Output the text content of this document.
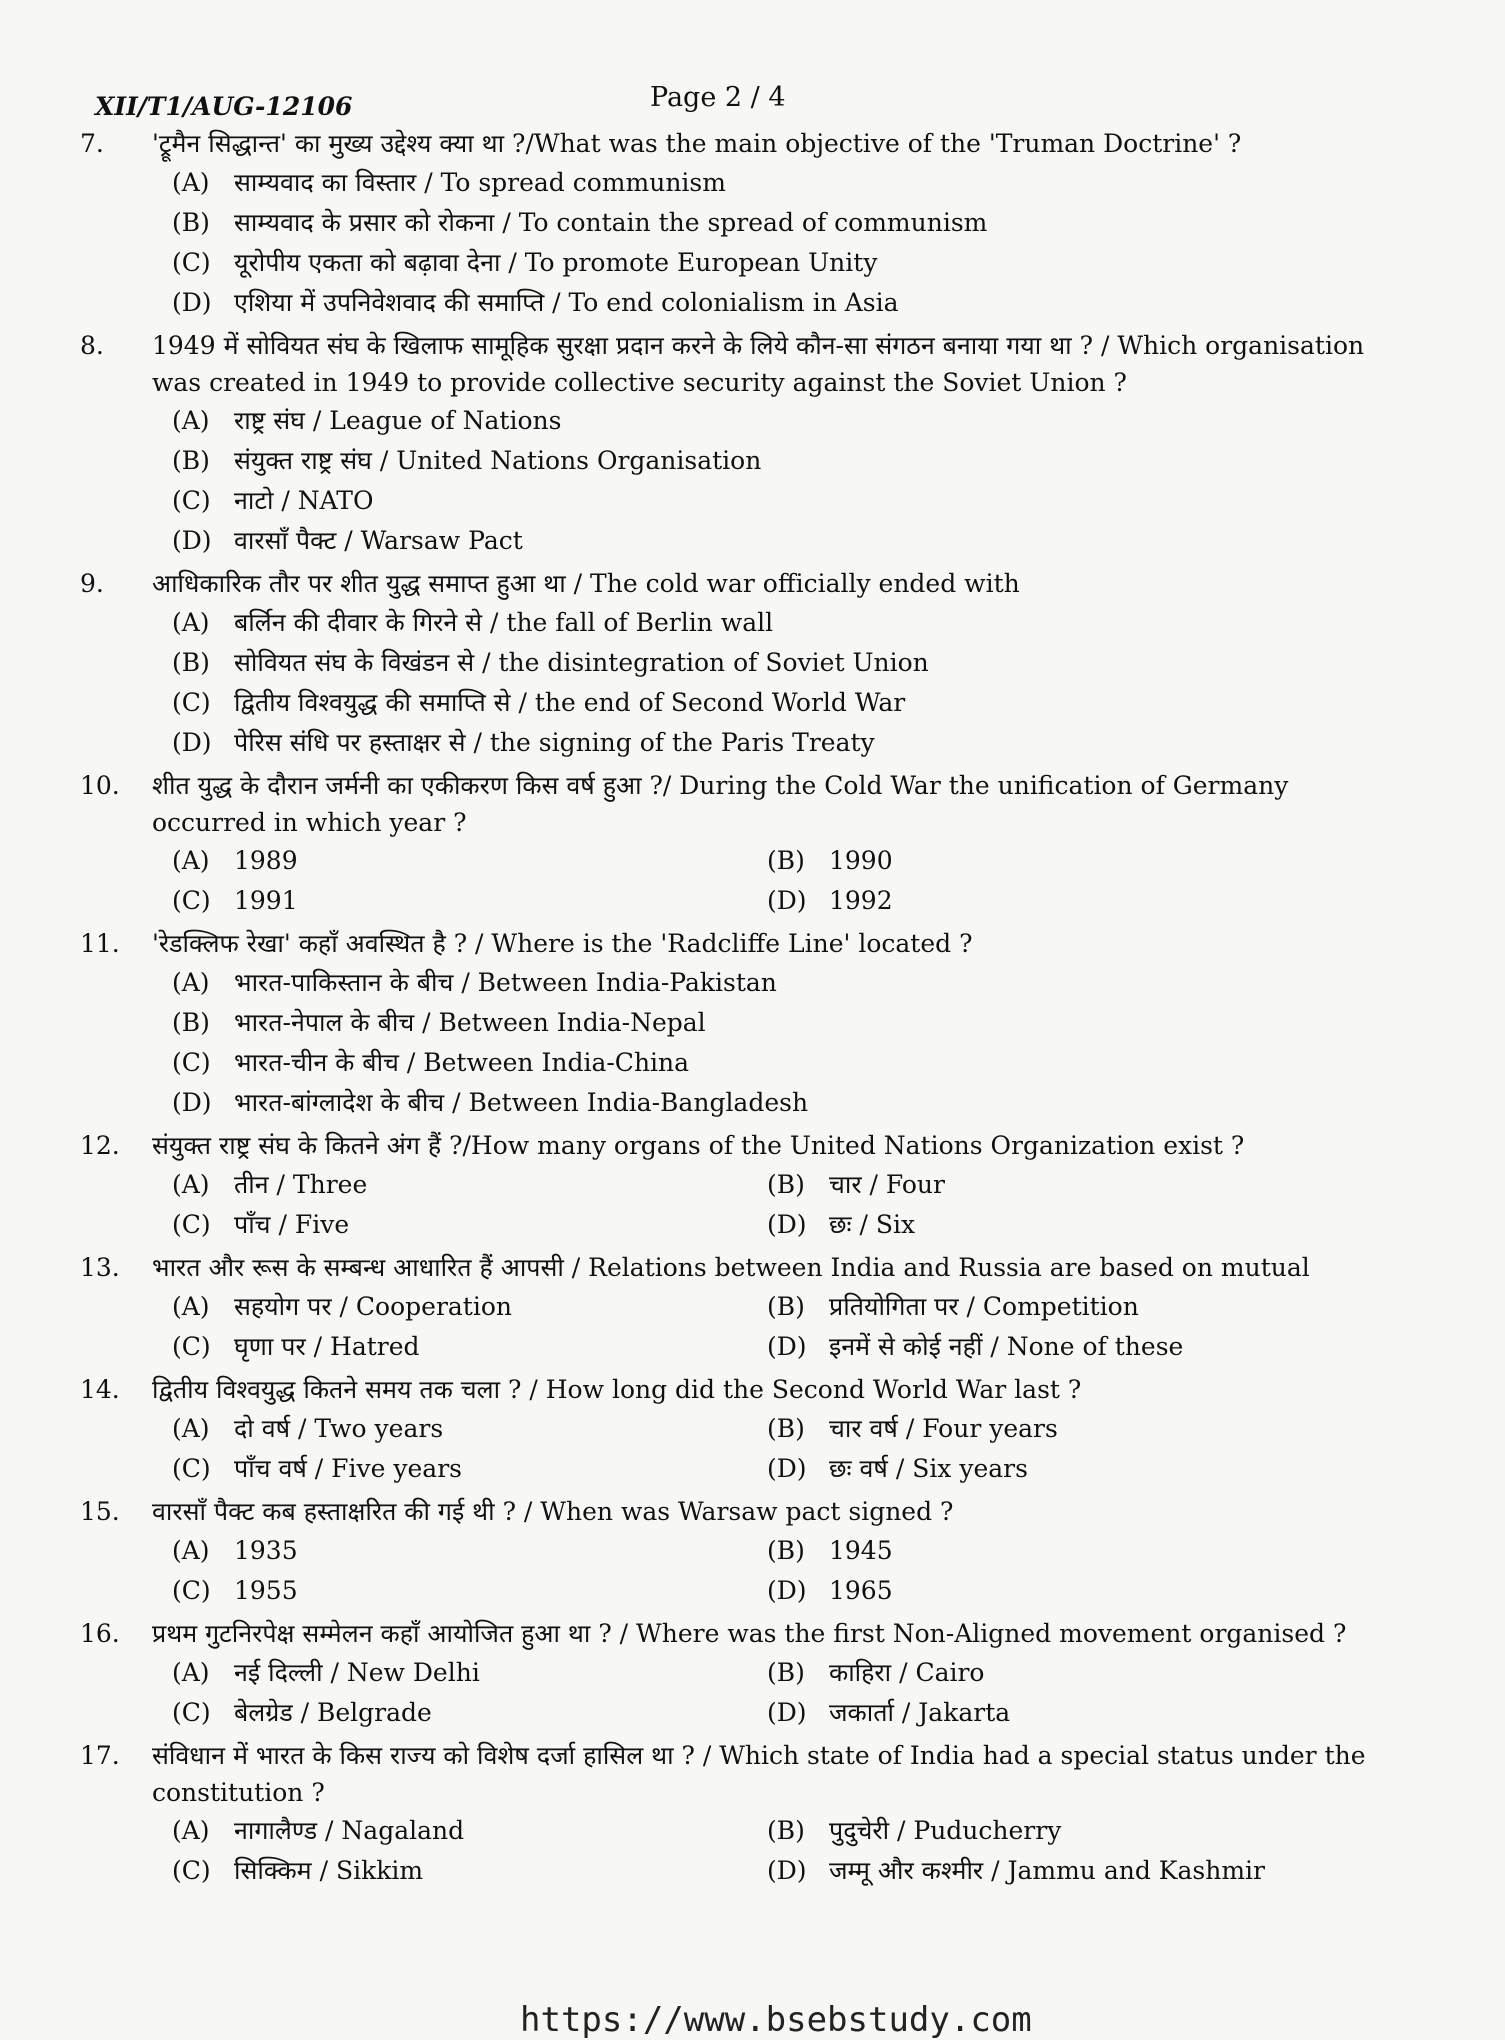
XII/T1/AUG-12106	Page 2 / 4
7.	'ट्रूमैन सिद्धान्त' का मुख्य उद्देश्य क्या था ?/What was the main objective of the 'Truman Doctrine' ?
(A) साम्यवाद का विस्तार / To spread communism
(B) साम्यवाद के प्रसार को रोकना / To contain the spread of communism
(C) यूरोपीय एकता को बढ़ावा देना / To promote European Unity
(D) एशिया में उपनिवेशवाद की समाप्ति / To end colonialism in Asia
8.	1949 में सोवियत संघ के खिलाफ सामूहिक सुरक्षा प्रदान करने के लिये कौन-सा संगठन बनाया गया था ? / Which organisation was created in 1949 to provide collective security against the Soviet Union ?
(A) राष्ट्र संघ / League of Nations
(B) संयुक्त राष्ट्र संघ / United Nations Organisation
(C) नाटो / NATO
(D) वारसाँ पैक्ट / Warsaw Pact
9.	आधिकारिक तौर पर शीत युद्ध समाप्त हुआ था / The cold war officially ended with
(A) बर्लिन की दीवार के गिरने से / the fall of Berlin wall
(B) सोवियत संघ के विखंडन से / the disintegration of Soviet Union
(C) द्वितीय विश्वयुद्ध की समाप्ति से / the end of Second World War
(D) पेरिस संधि पर हस्ताक्षर से / the signing of the Paris Treaty
10.	शीत युद्ध के दौरान जर्मनी का एकीकरण किस वर्ष हुआ ?/ During the Cold War the unification of Germany occurred in which year ?
(A) 1989	(B) 1990
(C) 1991	(D) 1992
11.	'रेडक्लिफ रेखा' कहाँ अवस्थित है ? / Where is the 'Radcliffe Line' located ?
(A) भारत-पाकिस्तान के बीच / Between India-Pakistan
(B) भारत-नेपाल के बीच / Between India-Nepal
(C) भारत-चीन के बीच / Between India-China
(D) भारत-बांग्लादेश के बीच / Between India-Bangladesh
12.	संयुक्त राष्ट्र संघ के कितने अंग हैं ?/How many organs of the United Nations Organization exist ?
(A) तीन / Three	(B) चार / Four
(C) पाँच / Five	(D) छः / Six
13.	भारत और रूस के सम्बन्ध आधारित हैं आपसी / Relations between India and Russia are based on mutual
(A) सहयोग पर / Cooperation	(B) प्रतियोगिता पर / Competition
(C) घृणा पर / Hatred	(D) इनमें से कोई नहीं / None of these
14.	द्वितीय विश्वयुद्ध कितने समय तक चला ? / How long did the Second World War last ?
(A) दो वर्ष / Two years	(B) चार वर्ष / Four years
(C) पाँच वर्ष / Five years	(D) छः वर्ष / Six years
15.	वारसाँ पैक्ट कब हस्ताक्षरित की गई थी ? / When was Warsaw pact signed ?
(A) 1935	(B) 1945
(C) 1955	(D) 1965
16.	प्रथम गुटनिरपेक्ष सम्मेलन कहाँ आयोजित हुआ था ? / Where was the first Non-Aligned movement organised ?
(A) नई दिल्ली / New Delhi	(B) काहिरा / Cairo
(C) बेलग्रेड / Belgrade	(D) जकार्ता / Jakarta
17.	संविधान में भारत के किस राज्य को विशेष दर्जा हासिल था ? / Which state of India had a special status under the constitution ?
(A) नागालैण्ड / Nagaland	(B) पुदुचेरी / Puducherry
(C) सिक्किम / Sikkim	(D) जम्मू और कश्मीर / Jammu and Kashmir
https://www.bsebstudy.com
